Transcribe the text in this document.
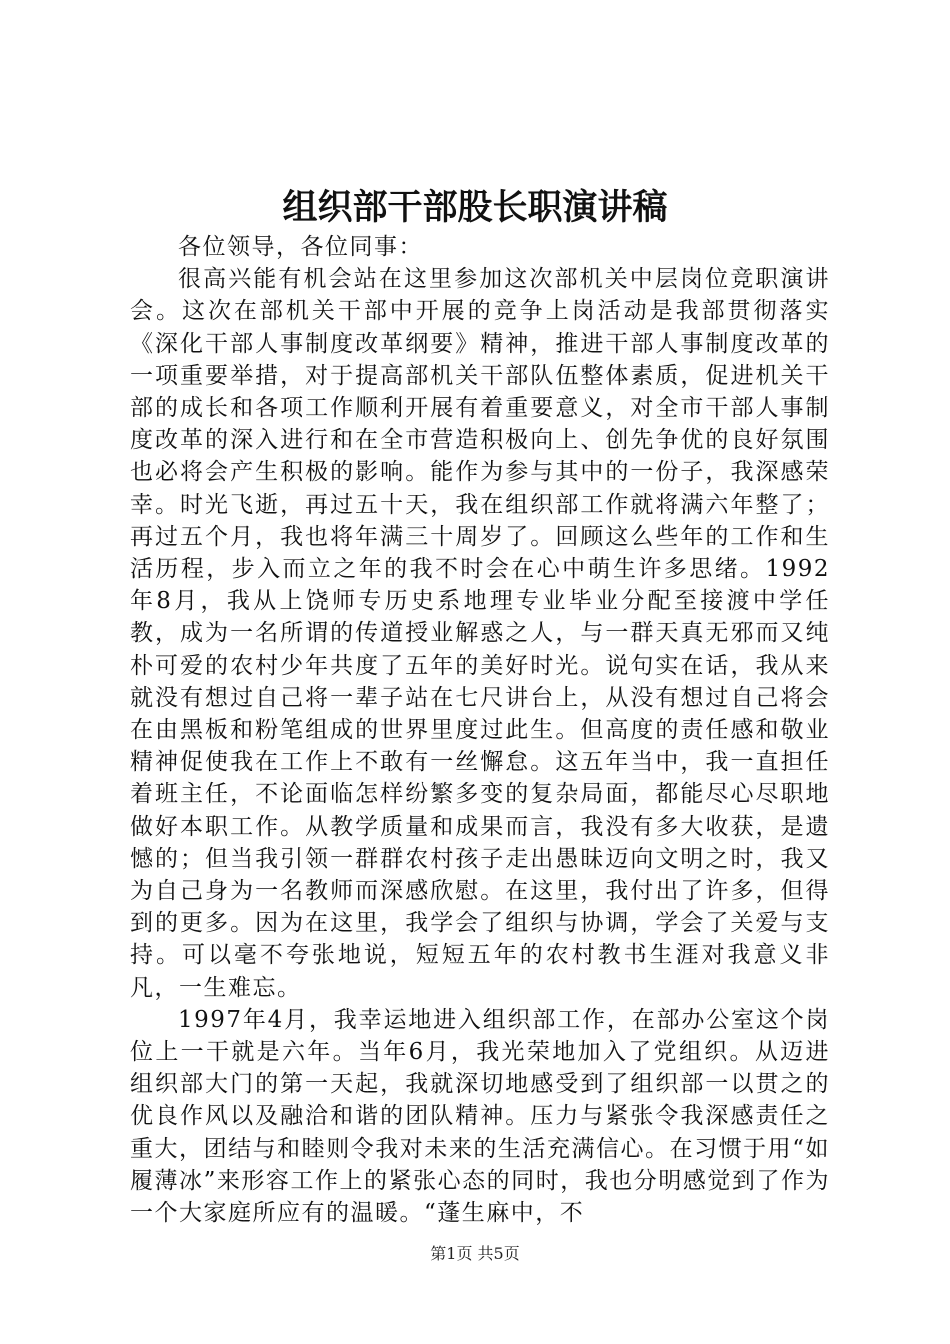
组织部干部股长职演讲稿

各位领导，各位同事：

很高兴能有机会站在这里参加这次部机关中层岗位竞职演讲会。这次在部机关干部中开展的竞争上岗活动是我部贯彻落实《深化干部人事制度改革纲要》精神，推进干部人事制度改革的一项重要举措，对于提高部机关干部队伍整体素质，促进机关干部的成长和各项工作顺利开展有着重要意义，对全市干部人事制度改革的深入进行和在全市营造积极向上、创先争优的良好氛围也必将会产生积极的影响。能作为参与其中的一份子，我深感荣幸。时光飞逝，再过五十天，我在组织部工作就将满六年整了；再过五个月，我也将年满三十周岁了。回顾这么些年的工作和生活历程，步入而立之年的我不时会在心中萌生许多思绪。1992年8月，我从上饶师专历史系地理专业毕业分配至接渡中学任教，成为一名所谓的传道授业解惑之人，与一群天真无邪而又纯朴可爱的农村少年共度了五年的美好时光。说句实在话，我从来就没有想过自己将一辈子站在七尺讲台上，从没有想过自己将会在由黑板和粉笔组成的世界里度过此生。但高度的责任感和敬业精神促使我在工作上不敢有一丝懈怠。这五年当中，我一直担任着班主任，不论面临怎样纷繁多变的复杂局面，都能尽心尽职地做好本职工作。从教学质量和成果而言，我没有多大收获，是遗憾的；但当我引领一群群农村孩子走出愚昧迈向文明之时，我又为自己身为一名教师而深感欣慰。在这里，我付出了许多，但得到的更多。因为在这里，我学会了组织与协调，学会了关爱与支持。可以毫不夸张地说，短短五年的农村教书生涯对我意义非凡，一生难忘。

1997年4月，我幸运地进入组织部工作，在部办公室这个岗位上一干就是六年。当年6月，我光荣地加入了党组织。从迈进组织部大门的第一天起，我就深切地感受到了组织部一以贯之的优良作风以及融洽和谐的团队精神。压力与紧张令我深感责任之重大，团结与和睦则令我对未来的生活充满信心。在习惯于用“如履薄冰”来形容工作上的紧张心态的同时，我也分明感觉到了作为一个大家庭所应有的温暖。“蓬生麻中，不

第1页 共5页
